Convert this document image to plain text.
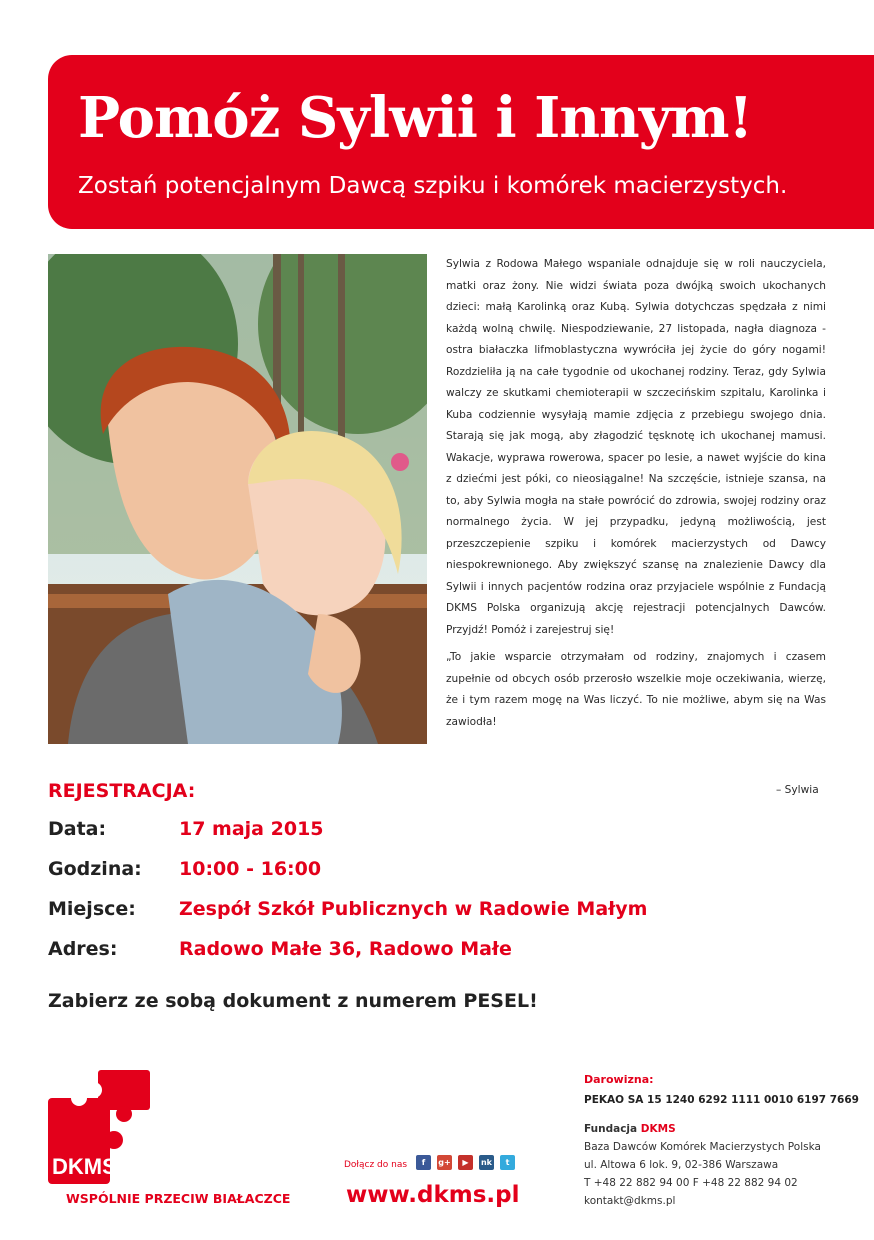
Pomóż Sylwii i Innym!
Zostań potencjalnym Dawcą szpiku i komórek macierzystych.

Sylwia z Rodowa Małego wspaniale odnajduje się w roli nauczyciela, matki oraz żony. Nie widzi świata poza dwójką swoich ukochanych dzieci: małą Karolinką oraz Kubą. Sylwia dotychczas spędzała z nimi każdą wolną chwilę. Niespodziewanie, 27 listopada, nagła diagnoza - ostra białaczka lifmoblastyczna wywróciła jej życie do góry nogami! Rozdzieliła ją na całe tygodnie od ukochanej rodziny. Teraz, gdy Sylwia walczy ze skutkami chemioterapii w szczecińskim szpitalu, Karolinka i Kuba codziennie wysyłają mamie zdjęcia z przebiegu swojego dnia. Starają się jak mogą, aby złagodzić tęsknotę ich ukochanej mamusi. Wakacje, wyprawa rowerowa, spacer po lesie, a nawet wyjście do kina z dziećmi jest póki, co nieosiągalne! Na szczęście, istnieje szansa, na to, aby Sylwia mogła na stałe powrócić do zdrowia, swojej rodziny oraz normalnego życia. W jej przypadku, jedyną możliwością, jest przeszczepienie szpiku i komórek macierzystych od Dawcy niespokrewnionego. Aby zwiększyć szansę na znalezienie Dawcy dla Sylwii i innych pacjentów rodzina oraz przyjaciele wspólnie z Fundacją DKMS Polska organizują akcję rejestracji potencjalnych Dawców. Przyjdź! Pomóż i zarejestruj się!

„To jakie wsparcie otrzymałam od rodziny, znajomych i czasem zupełnie od obcych osób przerosło wszelkie moje oczekiwania, wierzę, że i tym razem mogę na Was liczyć. To nie możliwe, abym się na Was zawiodła!

– Sylwia
REJESTRACJA:
Data:	17 maja 2015
Godzina: 10:00 - 16:00
Miejsce: Zespół Szkół Publicznych w Radowie Małym
Adres:	Radowo Małe 36, Radowo Małe
Zabierz ze sobą dokument z numerem PESEL!
DKMS
WSPÓLNIE PRZECIW BIAŁACZCE
Dołącz do nas	f	g+	▶	nk	t
www.dkms.pl
Darowizna:
PEKAO SA 15 1240 6292 1111 0010 6197 7669
Fundacja DKMS
Baza Dawców Komórek Macierzystych Polska
ul. Altowa 6 lok. 9, 02-386 Warszawa
T +48 22 882 94 00 F +48 22 882 94 02
kontakt@dkms.pl
